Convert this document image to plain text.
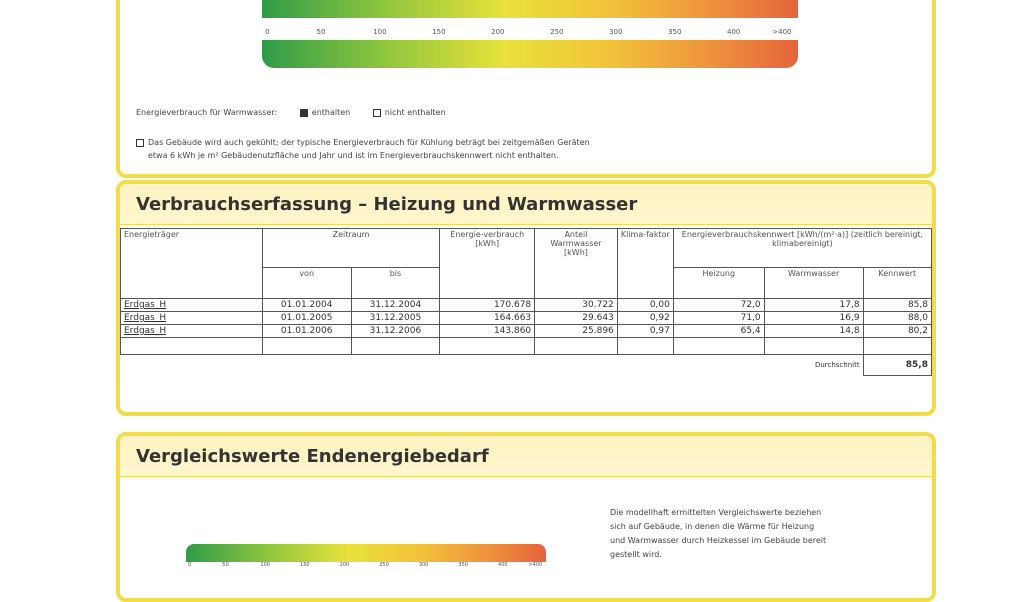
0	50	100	150	200	250	300	350	400	>400
Energieverbrauch für Warmwasser:	enthalten	nicht enthalten
Das Gebäude wird auch gekühlt; der typische Energieverbrauch für Kühlung beträgt bei zeitgemäßen Geräten
etwa 6 kWh je m² Gebäudenutzfläche und Jahr und ist im Energieverbrauchskennwert nicht enthalten.
Verbrauchserfassung – Heizung und Warmwasser
Energieträger	Zeitraum		Energie-verbrauch [kWh]	Anteil Warmwasser [kWh]	Klima-faktor	Energieverbrauchskennwert [kWh/(m²·a)] (zeitlich bereinigt, klimabereinigt)		
	von	bis				Heizung	Warmwasser	Kennwert
Erdgas_H	01.01.2004	31.12.2004	170.678	30.722	0,00	72,0	17,8	85,8
Erdgas_H	01.01.2005	31.12.2005	164.663	29.643	0,92	71,0	16,9	88,0
Erdgas_H	01.01.2006	31.12.2006	143.860	25.896	0,97	65,4	14,8	80,2

Durchschnitt								85,8
Vergleichswerte Endenergiebedarf
0	50	100	150	200	250	300	350	400	>400
Die modellhaft ermittelten Vergleichswerte beziehen
sich auf Gebäude, in denen die Wärme für Heizung
und Warmwasser durch Heizkessel im Gebäude bereit
gestellt wird.
